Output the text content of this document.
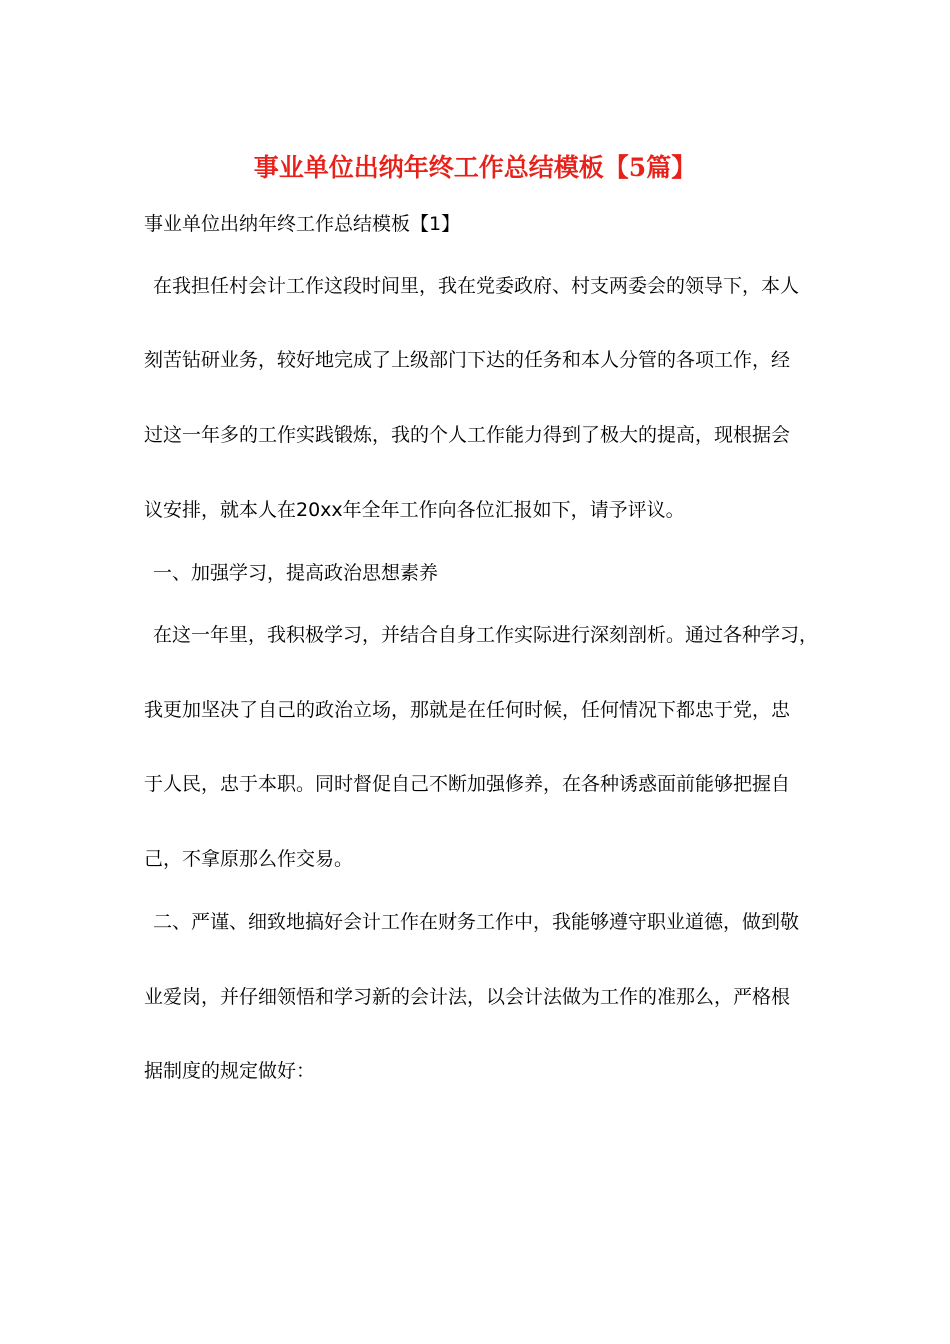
事业单位出纳年终工作总结模板【5篇】
事业单位出纳年终工作总结模板【1】
在我担任村会计工作这段时间里，我在党委政府、村支两委会的领导下，本人
刻苦钻研业务，较好地完成了上级部门下达的任务和本人分管的各项工作，经
过这一年多的工作实践锻炼，我的个人工作能力得到了极大的提高，现根据会
议安排，就本人在20xx年全年工作向各位汇报如下，请予评议。
一、加强学习，提高政治思想素养
在这一年里，我积极学习，并结合自身工作实际进行深刻剖析。通过各种学习，
我更加坚决了自己的政治立场，那就是在任何时候，任何情况下都忠于党，忠
于人民，忠于本职。同时督促自己不断加强修养，在各种诱惑面前能够把握自
己，不拿原那么作交易。
二、严谨、细致地搞好会计工作在财务工作中，我能够遵守职业道德，做到敬
业爱岗，并仔细领悟和学习新的会计法，以会计法做为工作的准那么，严格根
据制度的规定做好：
